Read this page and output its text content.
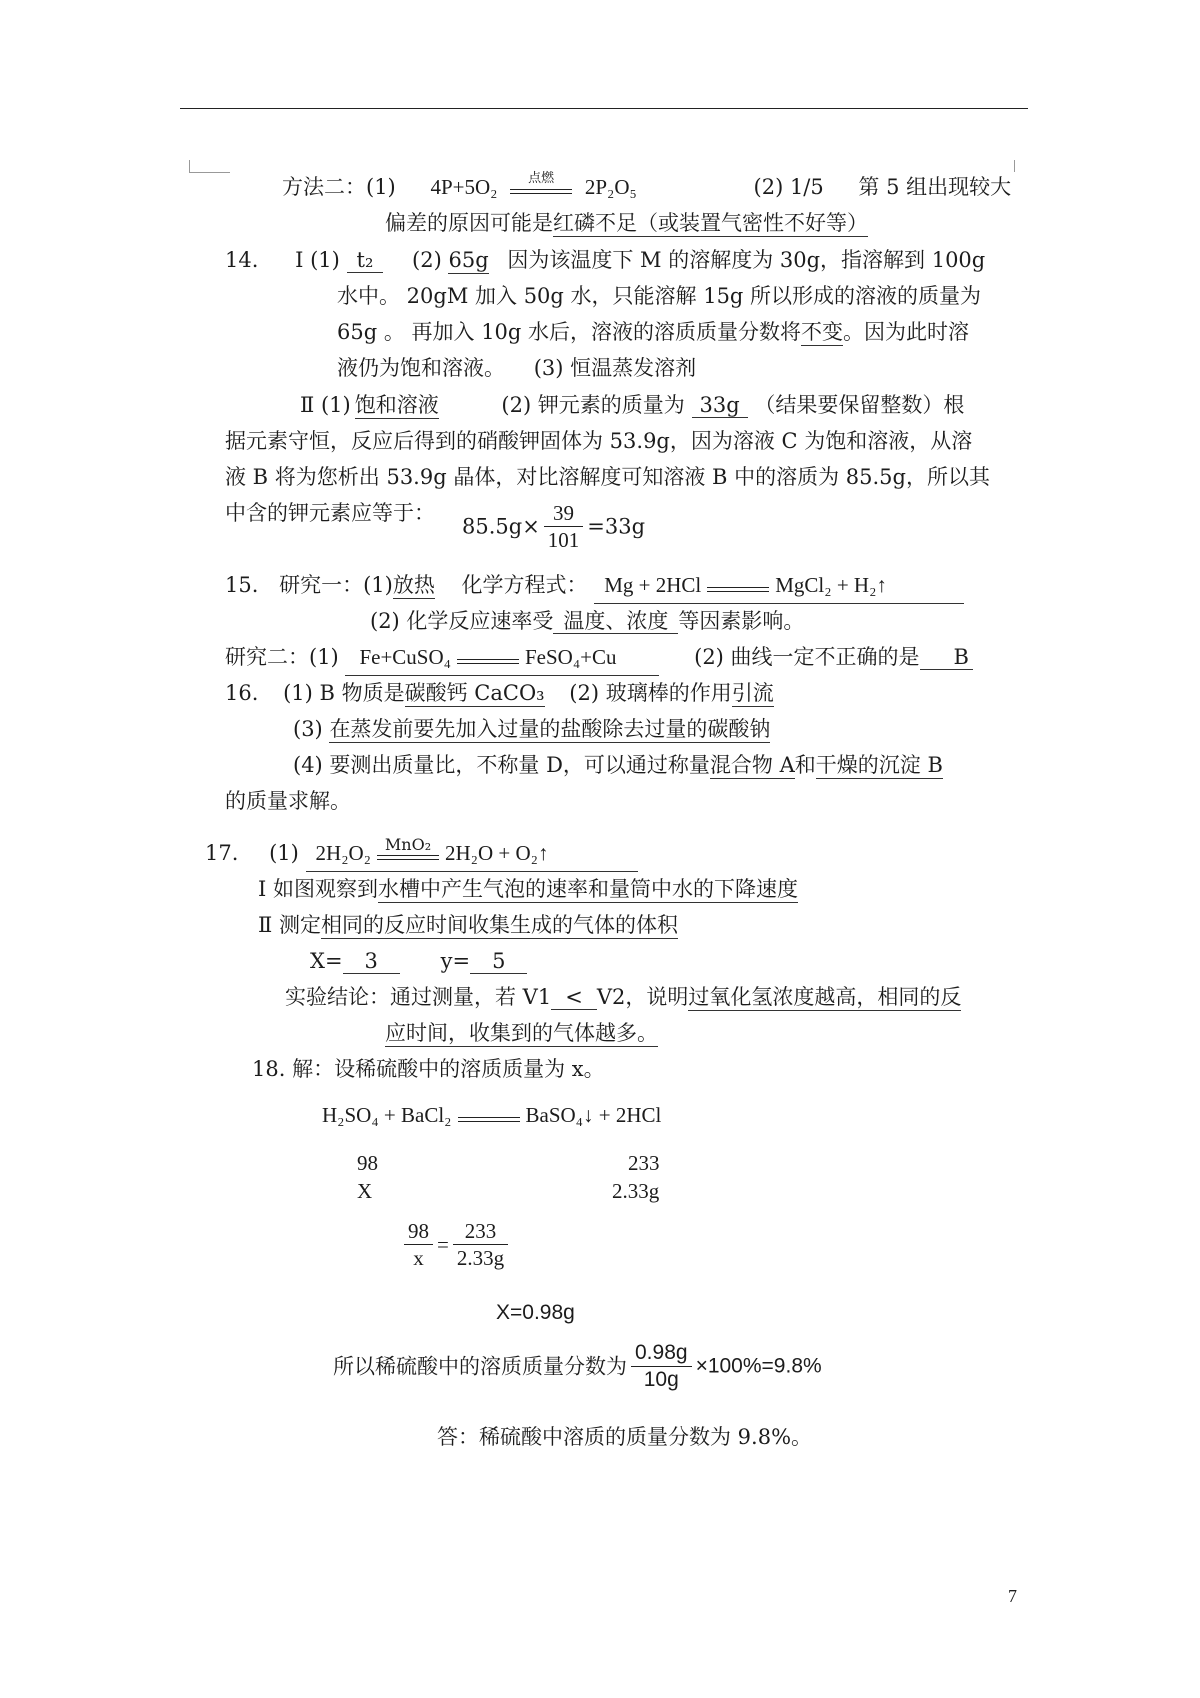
方法二：(1) 4P+5O₂	点燃	2P₂O₅	(2) 1/5 第 5 组出现较大
偏差的原因可能是红磷不足（或装置气密性不好等）
14. Ⅰ (1) t₂ (2) 65g 因为该温度下 M 的溶解度为 30g，指溶解到 100g
水中。 20gM 加入 50g 水，只能溶解 15g 所以形成的溶液的质量为
65g 。 再加入 10g 水后，溶液的溶质质量分数将不变。因为此时溶
液仍为饱和溶液。 (3) 恒温蒸发溶剂
Ⅱ (1) 饱和溶液	(2) 钾元素的质量为 33g （结果要保留整数）根
据元素守恒，反应后得到的硝酸钾固体为 53.9g，因为溶液 C 为饱和溶液，从溶
液 B 将为您析出 53.9g 晶体，对比溶解度可知溶液 B 中的溶质为 85.5g，所以其
中含的钾元素应等于：
$85.5g\times \frac{39}{101} =33g$
15. 研究一：(1)放热 化学方程式： Mg + 2HCl	MgCl₂ + H₂↑
(2) 化学反应速率受 温度、浓度 等因素影响。
研究二：(1) Fe+CuSO₄	FeSO₄+Cu	(2) 曲线一定不正确的是 B
16. (1) B 物质是碳酸钙 CaCO₃ (2) 玻璃棒的作用引流
(3) 在蒸发前要先加入过量的盐酸除去过量的碳酸钠
(4) 要测出质量比，不称量 D，可以通过称量混合物 A和干燥的沉淀 B
的质量求解。
17. (1) 2H₂O₂ MnO₂ 2H₂O + O₂↑
Ⅰ 如图观察到水槽中产生气泡的速率和量筒中水的下降速度
Ⅱ 测定相同的反应时间收集生成的气体的体积
X= 3	y= 5
实验结论：通过测量，若 V1 < V2，说明过氧化氢浓度越高，相同的反
应时间，收集到的气体越多。
18. 解：设稀硫酸中的溶质质量为 x。
H₂SO₄ + BaCl₂	BaSO₄↓ + 2HCl
98	233
X	2.33g
$\frac{98}{x} = \frac{233}{2.33g}$
X=0.98g
所以稀硫酸中的溶质质量分数为 $\frac{0.98g}{10g} \times 100\%=9.8\%$
答：稀硫酸中溶质的质量分数为 9.8%。
7
